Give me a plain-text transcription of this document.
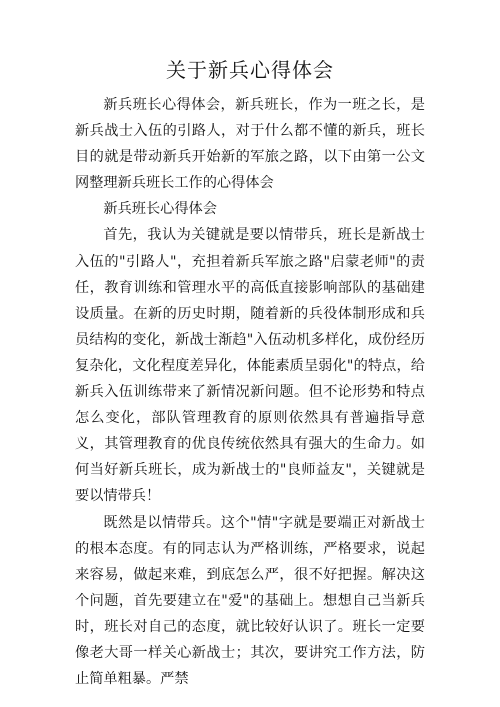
关于新兵心得体会

新兵班长心得体会，新兵班长，作为一班之长，是新兵战士入伍的引路人，对于什么都不懂的新兵，班长目的就是带动新兵开始新的军旅之路，以下由第一公文网整理新兵班长工作的心得体会

新兵班长心得体会

首先，我认为关键就是要以情带兵，班长是新战士入伍的"引路人"，充担着新兵军旅之路"启蒙老师"的责任，教育训练和管理水平的高低直接影响部队的基础建设质量。在新的历史时期，随着新的兵役体制形成和兵员结构的变化，新战士渐趋"入伍动机多样化，成份经历复杂化，文化程度差异化，体能素质呈弱化"的特点，给新兵入伍训练带来了新情况新问题。但不论形势和特点怎么变化，部队管理教育的原则依然具有普遍指导意义，其管理教育的优良传统依然具有强大的生命力。如何当好新兵班长，成为新战士的"良师益友"，关键就是要以情带兵！

既然是以情带兵。这个"情"字就是要端正对新战士的根本态度。有的同志认为严格训练，严格要求，说起来容易，做起来难，到底怎么严，很不好把握。解决这个问题，首先要建立在"爱"的基础上。想想自己当新兵时，班长对自己的态度，就比较好认识了。班长一定要像老大哥一样关心新战士；其次，要讲究工作方法，防止简单粗暴。严禁
